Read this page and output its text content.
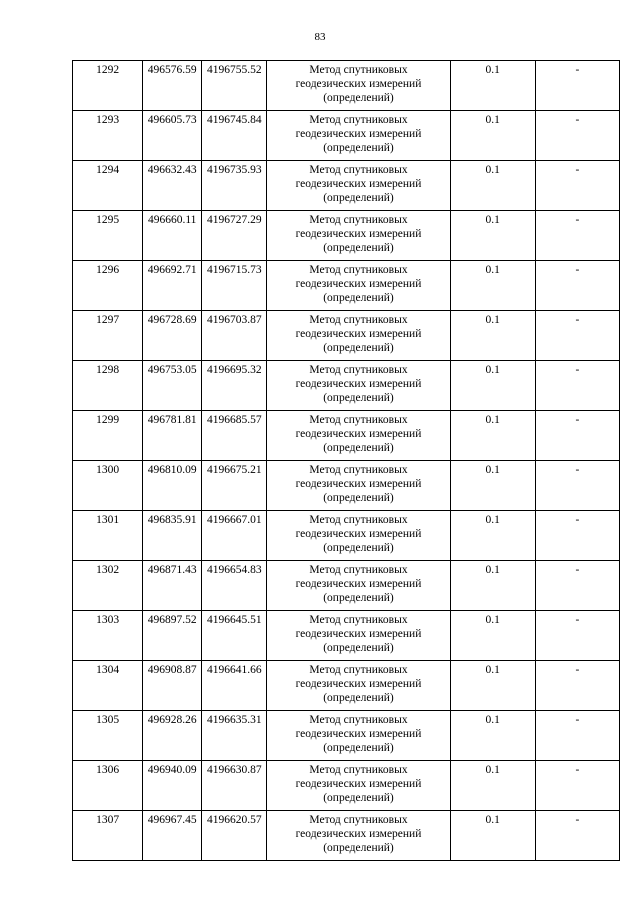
83
1292	496576.59	4196755.52	Метод спутниковых
геодезических измерений
(определений)	0.1	-
1293	496605.73	4196745.84	Метод спутниковых
геодезических измерений
(определений)	0.1	-
1294	496632.43	4196735.93	Метод спутниковых
геодезических измерений
(определений)	0.1	-
1295	496660.11	4196727.29	Метод спутниковых
геодезических измерений
(определений)	0.1	-
1296	496692.71	4196715.73	Метод спутниковых
геодезических измерений
(определений)	0.1	-
1297	496728.69	4196703.87	Метод спутниковых
геодезических измерений
(определений)	0.1	-
1298	496753.05	4196695.32	Метод спутниковых
геодезических измерений
(определений)	0.1	-
1299	496781.81	4196685.57	Метод спутниковых
геодезических измерений
(определений)	0.1	-
1300	496810.09	4196675.21	Метод спутниковых
геодезических измерений
(определений)	0.1	-
1301	496835.91	4196667.01	Метод спутниковых
геодезических измерений
(определений)	0.1	-
1302	496871.43	4196654.83	Метод спутниковых
геодезических измерений
(определений)	0.1	-
1303	496897.52	4196645.51	Метод спутниковых
геодезических измерений
(определений)	0.1	-
1304	496908.87	4196641.66	Метод спутниковых
геодезических измерений
(определений)	0.1	-
1305	496928.26	4196635.31	Метод спутниковых
геодезических измерений
(определений)	0.1	-
1306	496940.09	4196630.87	Метод спутниковых
геодезических измерений
(определений)	0.1	-
1307	496967.45	4196620.57	Метод спутниковых
геодезических измерений
(определений)	0.1	-
